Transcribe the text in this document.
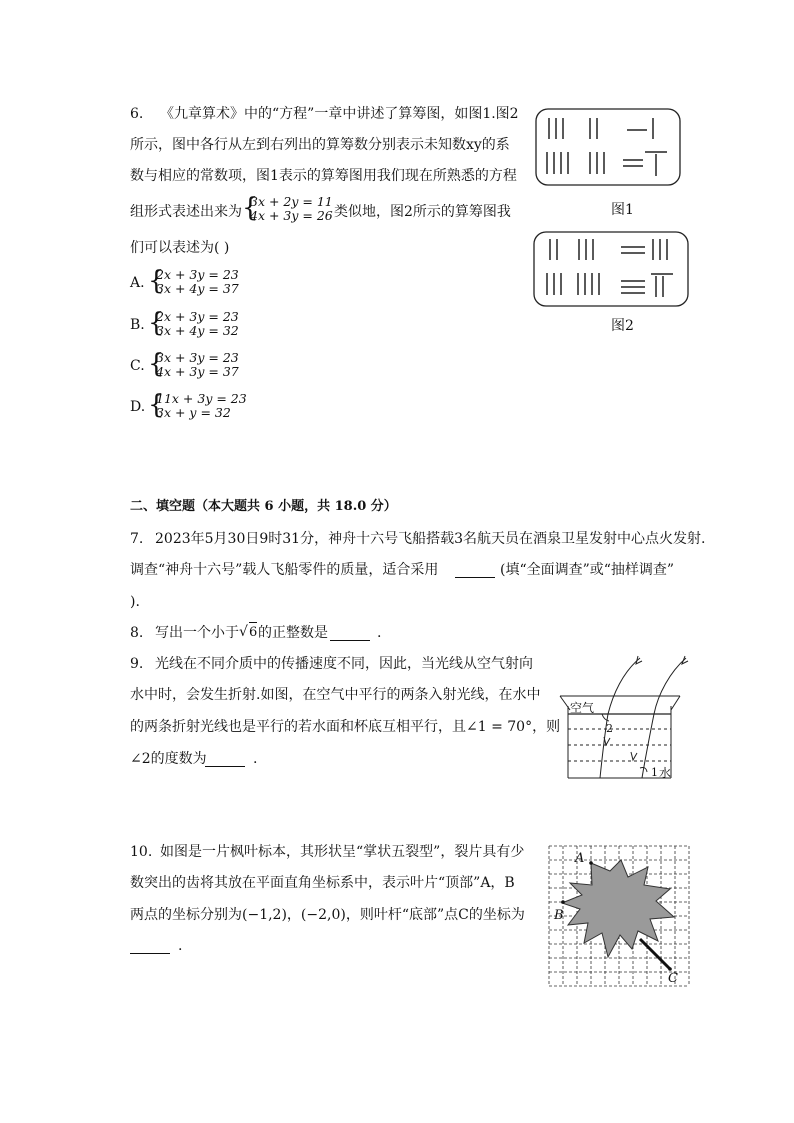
6. 《九章算术》中的“方程”一章中讲述了算筹图，如图1.图2
所示，图中各行从左到右列出的算筹数分别表示未知数xy的系
数与相应的常数项，图1表示的算筹图用我们现在所熟悉的方程
组形式表述出来为 {
3x + 2y = 11
4x + 3y = 26 类似地，图2所示的算筹图我
们可以表述为( )
A. {
2x + 3y = 23
3x + 4y = 37
B. {
2x + 3y = 23
3x + 4y = 32
C. {
3x + 3y = 23
4x + 3y = 37
D. {
11x + 3y = 23
3x + y = 32
图1
图2
二、填空题（本大题共 6 小题，共 18.0 分）
7. 2023年5月30日9时31分，神舟十六号飞船搭载3名航天员在酒泉卫星发射中心点火发射.
调查“神舟十六号”载人飞船零件的质量，适合采用	(填“全面调查”或“抽样调查”
).
8. 写出一个小于 √ 6 的正整数是	.
9. 光线在不同介质中的传播速度不同，因此，当光线从空气射向
水中时，会发生折射.如图，在空气中平行的两条入射光线，在水中
的两条折射光线也是平行的若水面和杯底互相平行，且∠1 = 70°，则
∠2的度数为	.
空气
2
1 水
10. 如图是一片枫叶标本，其形状呈“掌状五裂型”，裂片具有少
数突出的齿将其放在平面直角坐标系中，表示叶片“顶部”A，B
两点的坐标分别为(−1,2)，(−2,0)，则叶杆“底部”点C的坐标为
.
A
B
C
